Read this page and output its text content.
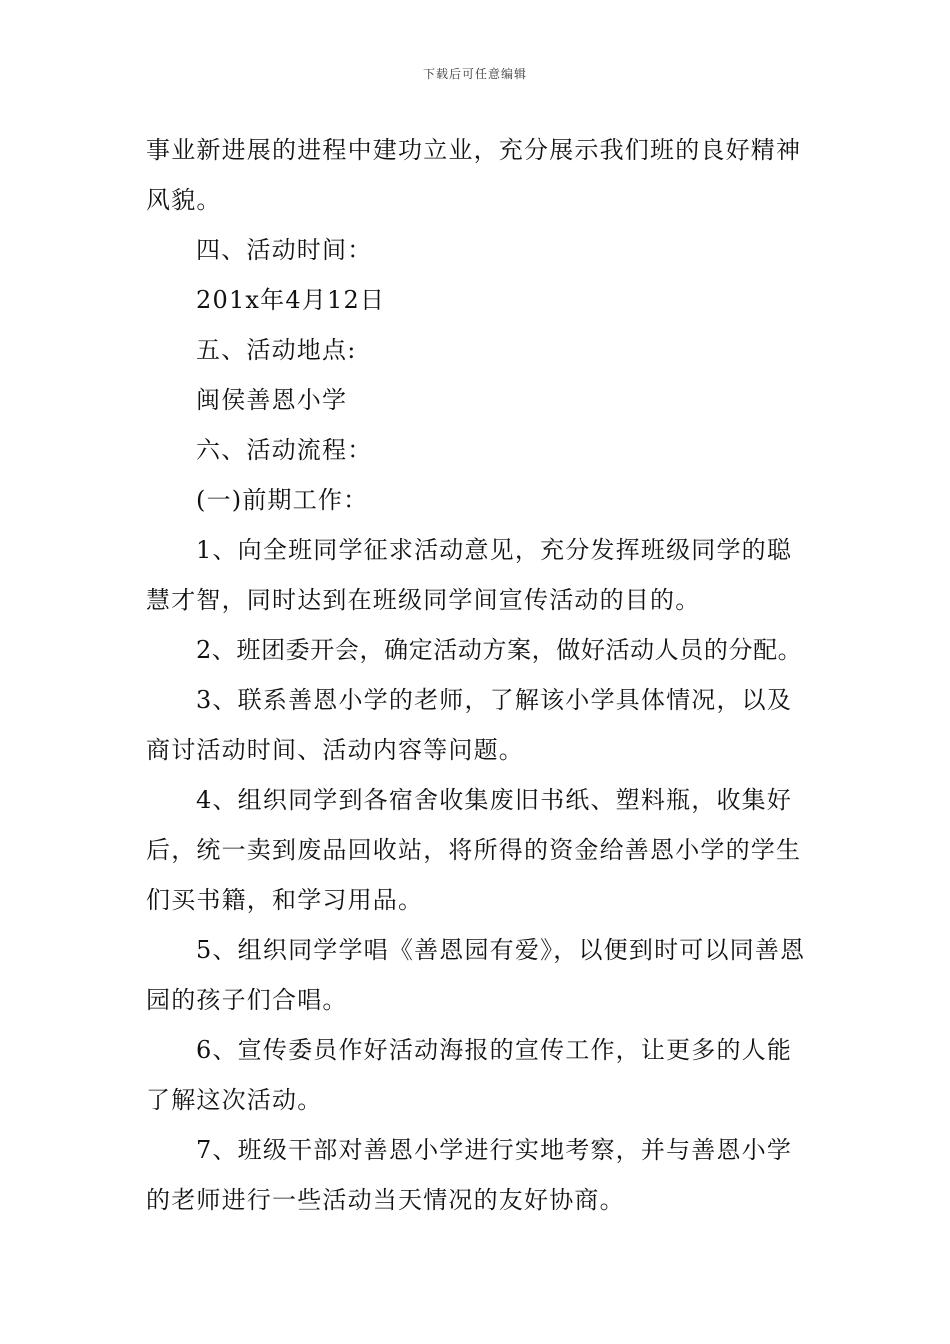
下载后可任意编辑

事业新进展的进程中建功立业，充分展示我们班的良好精神风貌。

四、活动时间：

201x年4月12日

五、活动地点:

闽侯善恩小学

六、活动流程：

(一)前期工作：

1、向全班同学征求活动意见，充分发挥班级同学的聪慧才智，同时达到在班级同学间宣传活动的目的。

2、班团委开会，确定活动方案，做好活动人员的分配。

3、联系善恩小学的老师，了解该小学具体情况，以及商讨活动时间、活动内容等问题。

4、组织同学到各宿舍收集废旧书纸、塑料瓶，收集好后，统一卖到废品回收站，将所得的资金给善恩小学的学生们买书籍，和学习用品。

5、组织同学学唱《善恩园有爱》，以便到时可以同善恩园的孩子们合唱。

6、宣传委员作好活动海报的宣传工作，让更多的人能了解这次活动。

7、班级干部对善恩小学进行实地考察，并与善恩小学的老师进行一些活动当天情况的友好协商。
